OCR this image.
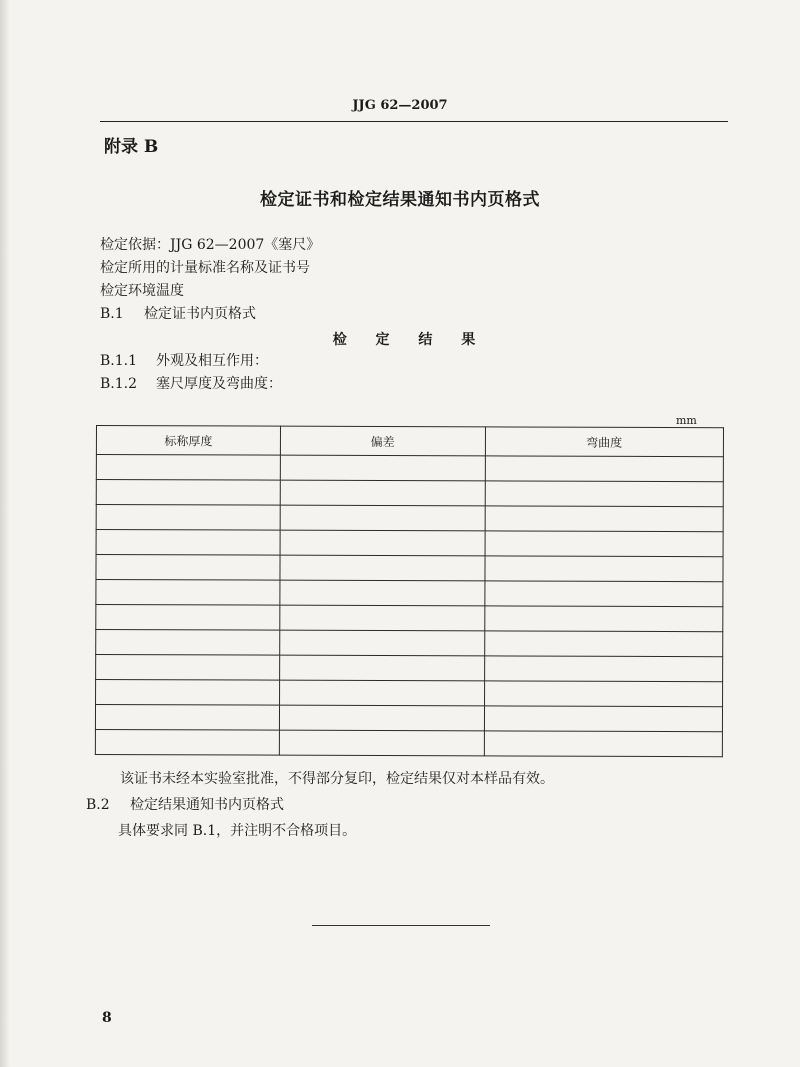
JJG 62—2007
附录 B
检定证书和检定结果通知书内页格式
检定依据：JJG 62—2007《塞尺》
检定所用的计量标准名称及证书号
检定环境温度
B.1 检定证书内页格式
检 定 结 果
B.1.1 外观及相互作用：
B.1.2 塞尺厚度及弯曲度：
mm
标称厚度	偏差	弯曲度

该证书未经本实验室批准，不得部分复印，检定结果仅对本样品有效。
B.2 检定结果通知书内页格式
具体要求同 B.1，并注明不合格项目。
8
